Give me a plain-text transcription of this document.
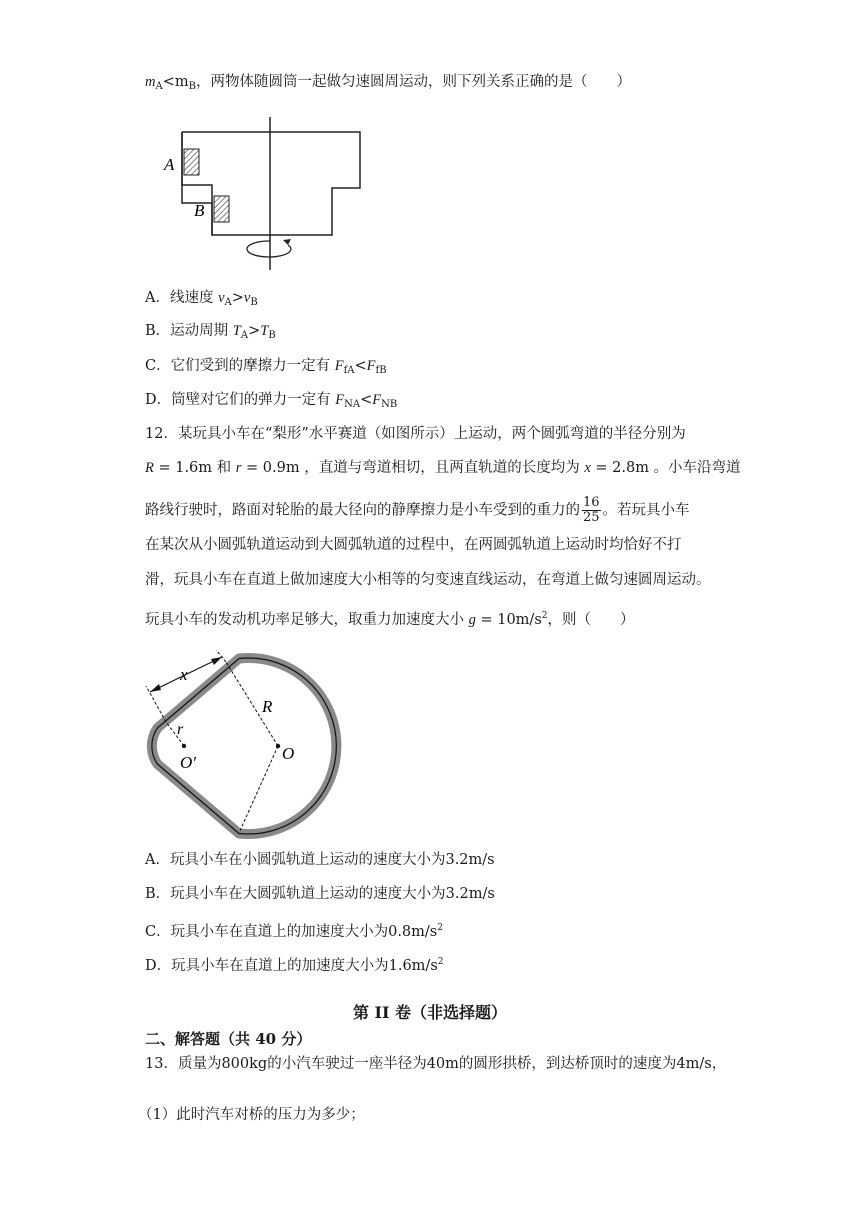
$m_A<m_B$，两物体随圆筒一起做匀速圆周运动，则下列关系正确的是（　　）
A
B
A．线速度 $v_A>v_B$
B．运动周期 $T_A>T_B$
C．它们受到的摩擦力一定有 $F_{fA}<F_{fB}$
D．筒壁对它们的弹力一定有 $F_{NA}<F_{NB}$
12．某玩具小车在“梨形”水平赛道（如图所示）上运动，两个圆弧弯道的半径分别为
R = 1.6m 和 r = 0.9m ，直道与弯道相切，且两直轨道的长度均为 x = 2.8m 。小车沿弯道
路线行驶时，路面对轮胎的最大径向的静摩擦力是小车受到的重力的 $\frac{16}{25}$ 。若玩具小车
在某次从小圆弧轨道运动到大圆弧轨道的过程中，在两圆弧轨道上运动时均恰好不打
滑，玩具小车在直道上做加速度大小相等的匀变速直线运动，在弯道上做匀速圆周运动。
玩具小车的发动机功率足够大，取重力加速度大小 $g = 10m/s^2$，则（　　）
x
R
r
O′	O
A．玩具小车在小圆弧轨道上运动的速度大小为3.2m/s
B．玩具小车在大圆弧轨道上运动的速度大小为3.2m/s
C．玩具小车在直道上的加速度大小为$0.8m/s^2$
D．玩具小车在直道上的加速度大小为$1.6m/s^2$
第 II 卷（非选择题）
二、解答题（共 40 分）
13．质量为800kg的小汽车驶过一座半径为40m的圆形拱桥，到达桥顶时的速度为4m/s，
（1）此时汽车对桥的压力为多少；
